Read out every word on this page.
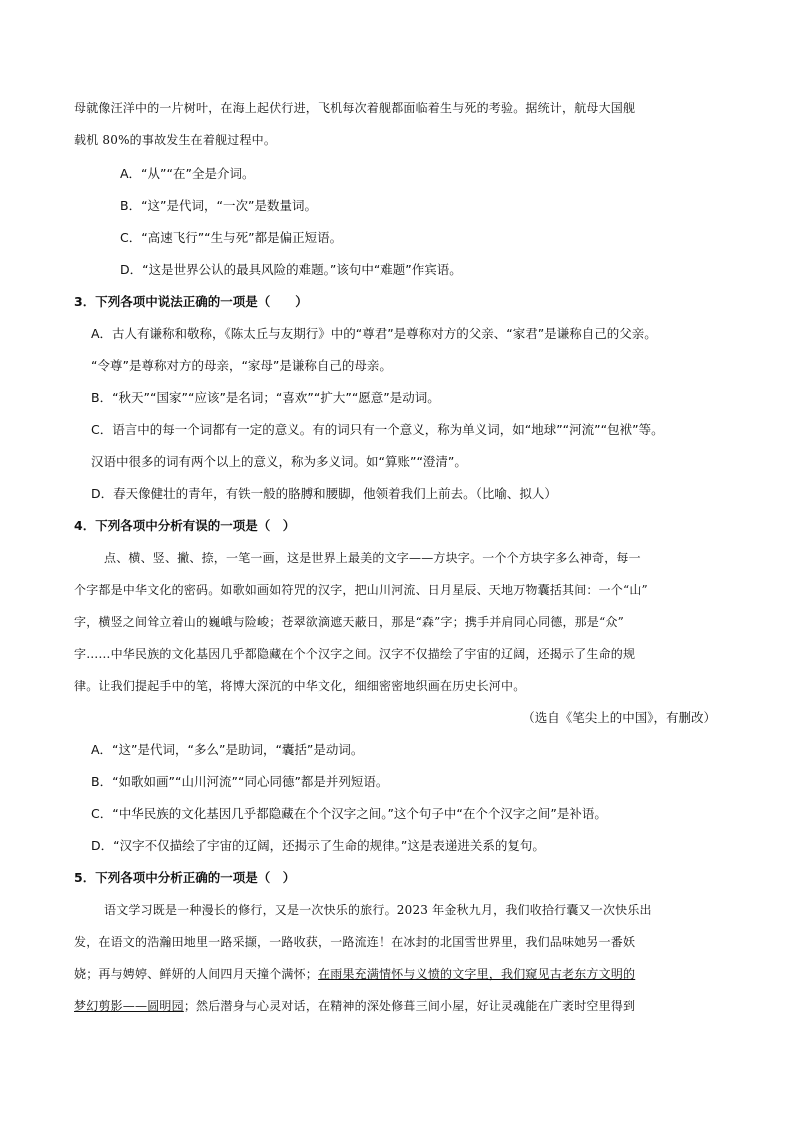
母就像汪洋中的一片树叶，在海上起伏行进，飞机每次着舰都面临着生与死的考验。据统计，航母大国舰
载机 80%的事故发生在着舰过程中。
A．“从”“在”全是介词。
B．“这”是代词，“一次”是数量词。
C．“高速飞行”“生与死”都是偏正短语。
D．“这是世界公认的最具风险的难题。”该句中“难题”作宾语。
3．下列各项中说法正确的一项是（　　）
A．古人有谦称和敬称，《陈太丘与友期行》中的“尊君”是尊称对方的父亲、“家君”是谦称自己的父亲。
“令尊”是尊称对方的母亲，“家母”是谦称自己的母亲。
B．“秋天”“国家”“应该”是名词；“喜欢”“扩大”“愿意”是动词。
C．语言中的每一个词都有一定的意义。有的词只有一个意义，称为单义词，如“地球”“河流”“包袱”等。
汉语中很多的词有两个以上的意义，称为多义词。如“算账”“澄清”。
D．春天像健壮的青年，有铁一般的胳膊和腰脚，他领着我们上前去。（比喻、拟人）
4．下列各项中分析有误的一项是（　）
点、横、竖、撇、捺，一笔一画，这是世界上最美的文字——方块字。一个个方块字多么神奇，每一
个字都是中华文化的密码。如歌如画如符咒的汉字，把山川河流、日月星辰、天地万物囊括其间：一个“山”
字，横竖之间耸立着山的巍峨与险峻；苍翠欲滴遮天蔽日，那是“森”字；携手并肩同心同德，那是“众”
字……中华民族的文化基因几乎都隐藏在个个汉字之间。汉字不仅描绘了宇宙的辽阔，还揭示了生命的规
律。让我们提起手中的笔，将博大深沉的中华文化，细细密密地织画在历史长河中。
（选自《笔尖上的中国》，有删改）
A．“这”是代词，“多么”是助词，“囊括”是动词。
B．“如歌如画”“山川河流”“同心同德”都是并列短语。
C．“中华民族的文化基因几乎都隐藏在个个汉字之间。”这个句子中“在个个汉字之间”是补语。
D．“汉字不仅描绘了宇宙的辽阔，还揭示了生命的规律。”这是表递进关系的复句。
5．下列各项中分析正确的一项是（　）
语文学习既是一种漫长的修行，又是一次快乐的旅行。2023 年金秋九月，我们收拾行囊又一次快乐出
发，在语文的浩瀚田地里一路采撷，一路收获，一路流连！在冰封的北国雪世界里，我们品味她另一番妖
娆；再与娉婷、鲜妍的人间四月天撞个满怀；在雨果充满情怀与义愤的文字里，我们窥见古老东方文明的
梦幻剪影——圆明园；然后潜身与心灵对话，在精神的深处修葺三间小屋，好让灵魂能在广袤时空里得到
